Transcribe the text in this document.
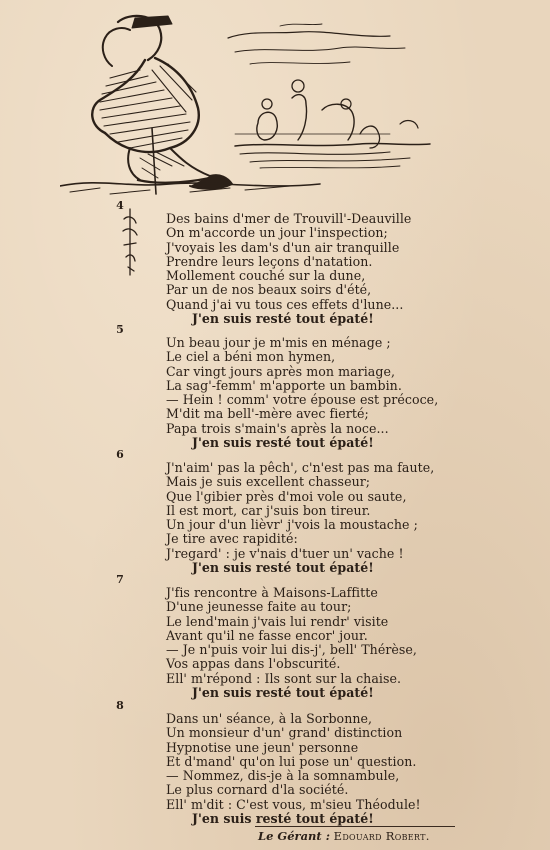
4
Des bains d'mer de Trouvill'-Deauville
On m'accorde un jour l'inspection;
J'voyais les dam's d'un air tranquille
Prendre leurs leçons d'natation.
Mollement couché sur la dune,
Par un de nos beaux soirs d'été,
Quand j'ai vu tous ces effets d'lune...
J'en suis resté tout épaté!
5
Un beau jour je m'mis en ménage ;
Le ciel a béni mon hymen,
Car vingt jours après mon mariage,
La sag'-femm' m'apporte un bambin.
— Hein ! comm' votre épouse est précoce,
M'dit ma bell'-mère avec fierté;
Papa trois s'main's après la noce...
J'en suis resté tout épaté!
6
J'n'aim' pas la pêch', c'n'est pas ma faute,
Mais je suis excellent chasseur;
Que l'gibier près d'moi vole ou saute,
Il est mort, car j'suis bon tireur.
Un jour d'un lièvr' j'vois la moustache ;
Je tire avec rapidité:
J'regard' : je v'nais d'tuer un' vache !
J'en suis resté tout épaté!
7
J'fis rencontre à Maisons-Laffitte
D'une jeunesse faite au tour;
Le lend'main j'vais lui rendr' visite
Avant qu'il ne fasse encor' jour.
— Je n'puis voir lui dis-j', bell' Thérèse,
Vos appas dans l'obscurité.
Ell' m'répond : Ils sont sur la chaise.
J'en suis resté tout épaté!
8
Dans un' séance, à la Sorbonne,
Un monsieur d'un' grand' distinction
Hypnotise une jeun' personne
Et d'mand' qu'on lui pose un' question.
— Nommez, dis-je à la somnambule,
Le plus cornard d'la société.
Ell' m'dit : C'est vous, m'sieu Théodule!
J'en suis resté tout épaté!
Le Gérant : Edouard Robert.
